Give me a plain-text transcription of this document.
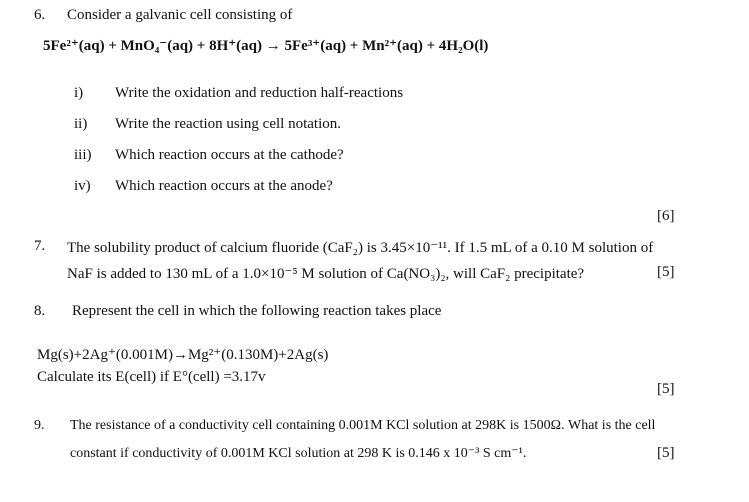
6. Consider a galvanic cell consisting of
5Fe²⁺(aq) + MnO₄⁻(aq) + 8H⁺(aq) → 5Fe³⁺(aq) + Mn²⁺(aq) + 4H₂O(l)
i) Write the oxidation and reduction half-reactions
ii) Write the reaction using cell notation.
iii) Which reaction occurs at the cathode?
iv) Which reaction occurs at the anode?
[6]
7. The solubility product of calcium fluoride (CaF₂) is 3.45×10⁻¹¹. If 1.5 mL of a 0.10 M solution of
NaF is added to 130 mL of a 1.0×10⁻⁵ M solution of Ca(NO₃)₂, will CaF₂ precipitate?	[5]
8. Represent the cell in which the following reaction takes place
Mg(s)+2Ag⁺(0.001M)→Mg²⁺(0.130M)+2Ag(s)
Calculate its E(cell) if E°(cell) =3.17v
[5]
9. The resistance of a conductivity cell containing 0.001M KCl solution at 298K is 1500Ω. What is the cell
constant if conductivity of 0.001M KCl solution at 298 K is 0.146 x 10⁻³ S cm⁻¹.	[5]
